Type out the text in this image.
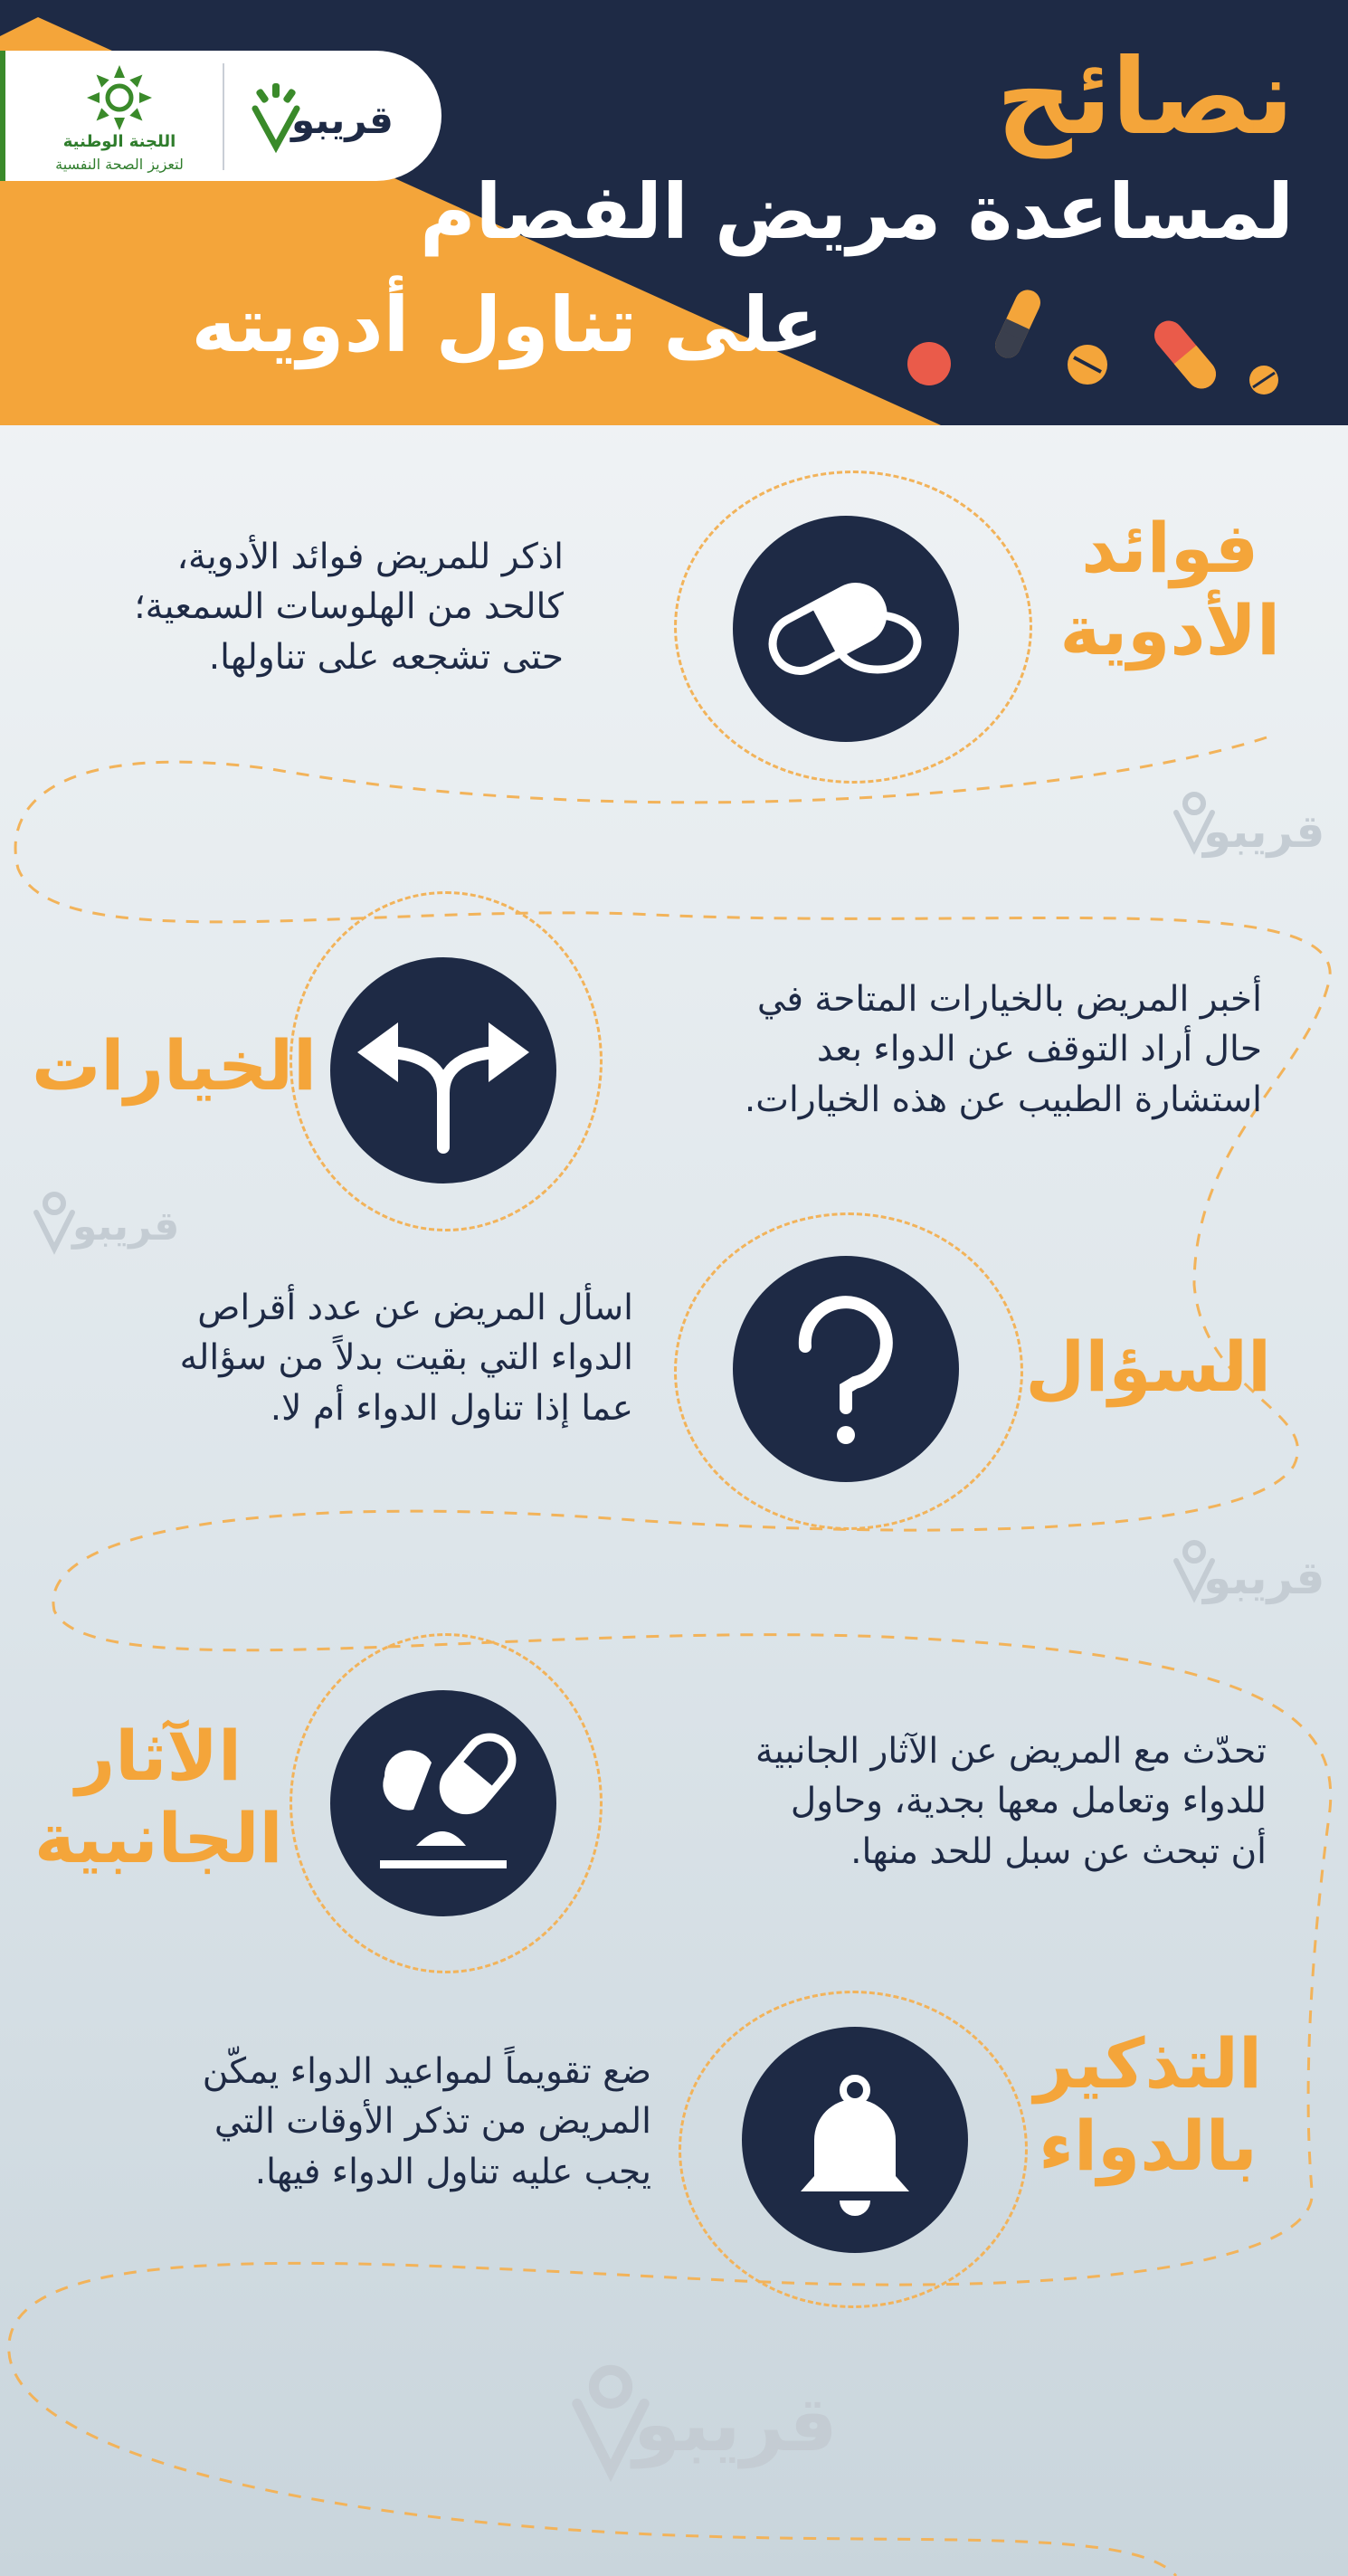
قريبو
قريبو
قريبو
قريبو
نصائح
لمساعدة مريض الفصام
على تناول أدويته
قريبو
اللجنة الوطنية
لتعزيز الصحة النفسية
فوائد
الأدوية
اذكر للمريض فوائد الأدوية،
كالحد من الهلوسات السمعية؛
حتى تشجعه على تناولها.
الخيارات
أخبر المريض بالخيارات المتاحة في
حال أراد التوقف عن الدواء بعد
استشارة الطبيب عن هذه الخيارات.
السؤال
اسأل المريض عن عدد أقراص
الدواء التي بقيت بدلاً من سؤاله
عما إذا تناول الدواء أم لا.
الآثار
الجانبية
تحدّث مع المريض عن الآثار الجانبية
للدواء وتعامل معها بجدية، وحاول
أن تبحث عن سبل للحد منها.
التذكير
بالدواء
ضع تقويماً لمواعيد الدواء يمكّن
المريض من تذكر الأوقات التي
يجب عليه تناول الدواء فيها.
